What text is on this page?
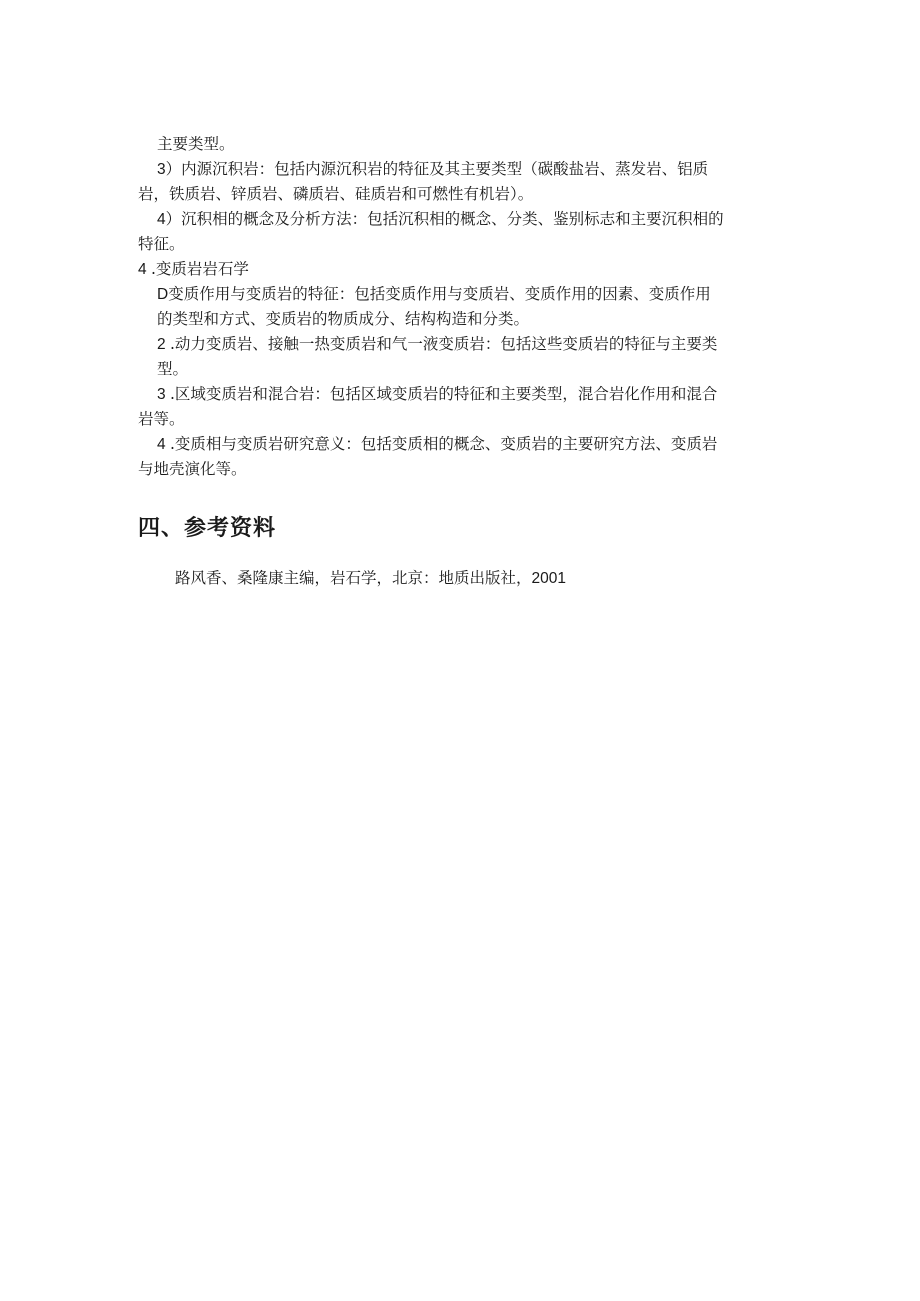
主要类型。

3）内源沉积岩：包括内源沉积岩的特征及其主要类型（碳酸盐岩、蒸发岩、铝质

岩，铁质岩、锌质岩、磷质岩、硅质岩和可燃性有机岩）。

4）沉积相的概念及分析方法：包括沉积相的概念、分类、鉴别标志和主要沉积相的

特征。

4 .变质岩岩石学

D变质作用与变质岩的特征：包括变质作用与变质岩、变质作用的因素、变质作用

的类型和方式、变质岩的物质成分、结构构造和分类。

2 .动力变质岩、接触一热变质岩和气一液变质岩：包括这些变质岩的特征与主要类

型。

3 .区域变质岩和混合岩：包括区域变质岩的特征和主要类型，混合岩化作用和混合

岩等。

4 .变质相与变质岩研究意义：包括变质相的概念、变质岩的主要研究方法、变质岩

与地壳演化等。

四、参考资料

路风香、桑隆康主编，岩石学，北京：地质出版社，2001
